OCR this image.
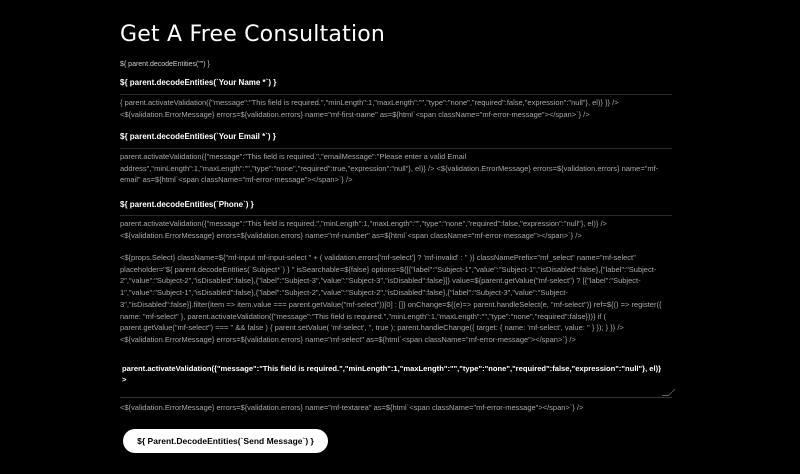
Get A Free Consultation
${ parent.decodeEntities("") }
${ parent.decodeEntities(`Your Name *`) }
{ parent.activateValidation({"message":"This field is required.","minLength":1,"maxLength":"","type":"none","required":false,"expression":"null"}, el)} }} /> <${validation.ErrorMessage} errors=${validation.errors} name="mf-first-name" as=${html`<span className="mf-error-message"></span>`} />
${ parent.decodeEntities(`Your Email *`) }
parent.activateValidation({"message":"This field is required.","emailMessage":"Please enter a valid Email address","minLength":1,"maxLength":"","type":"none","required":true,"expression":"null"}, el)} /> <${validation.ErrorMessage} errors=${validation.errors} name="mf-email" as=${html`<span className="mf-error-message"></span>`} />
${ parent.decodeEntities(`Phone`) }
parent.activateValidation({"message":"This field is required.","minLength":1,"maxLength":"","type":"none","required":false,"expression":"null"}, el)} /> <${validation.ErrorMessage} errors=${validation.errors} name="mf-number" as=${html`<span className="mf-error-message"></span>`} />
<${props.Select} className=${"mf-input mf-input-select " + ( validation.errors['mf-select'] ? 'mf-invalid' : '' )} classNamePrefix="mf_select" name="mf-select" placeholder="${ parent.decodeEntities(`Subject*`) } " isSearchable=${false} options=${[{"label":"Subject-1","value":"Subject-1","isDisabled":false},{"label":"Subject-2","value":"Subject-2","isDisabled":false},{"label":"Subject-3","value":"Subject-3","isDisabled":false}]} value=${parent.getValue("mf-select") ? [{"label":"Subject-1","value":"Subject-1","isDisabled":false},{"label":"Subject-2","value":"Subject-2","isDisabled":false},{"label":"Subject-3","value":"Subject-3","isDisabled":false}].filter(item => item.value === parent.getValue("mf-select"))[0] : []} onChange=${(e)=> parent.handleSelect(e, "mf-select")} ref=${() => register({ name: "mf-select" }, parent.activateValidation({"message":"This field is required.","minLength":1,"maxLength":"","type":"none","required":false}))} if ( parent.getValue("mf-select") === '' && false ) { parent.setValue( 'mf-select', '', true ); parent.handleChange({ target: { name: 'mf-select', value: '' } }); } }} /> <${validation.ErrorMessage} errors=${validation.errors} name="mf-select" as=${html`<span className="mf-error-message"></span>`} />
parent.activateValidation({"message":"This field is required.","minLength":1,"maxLength":"","type":"none","required":false,"expression":"null"}, el)} >
<${validation.ErrorMessage} errors=${validation.errors} name="mf-textarea" as=${html`<span className="mf-error-message"></span>`} />
${ Parent.DecodeEntities(`Send Message`) }
